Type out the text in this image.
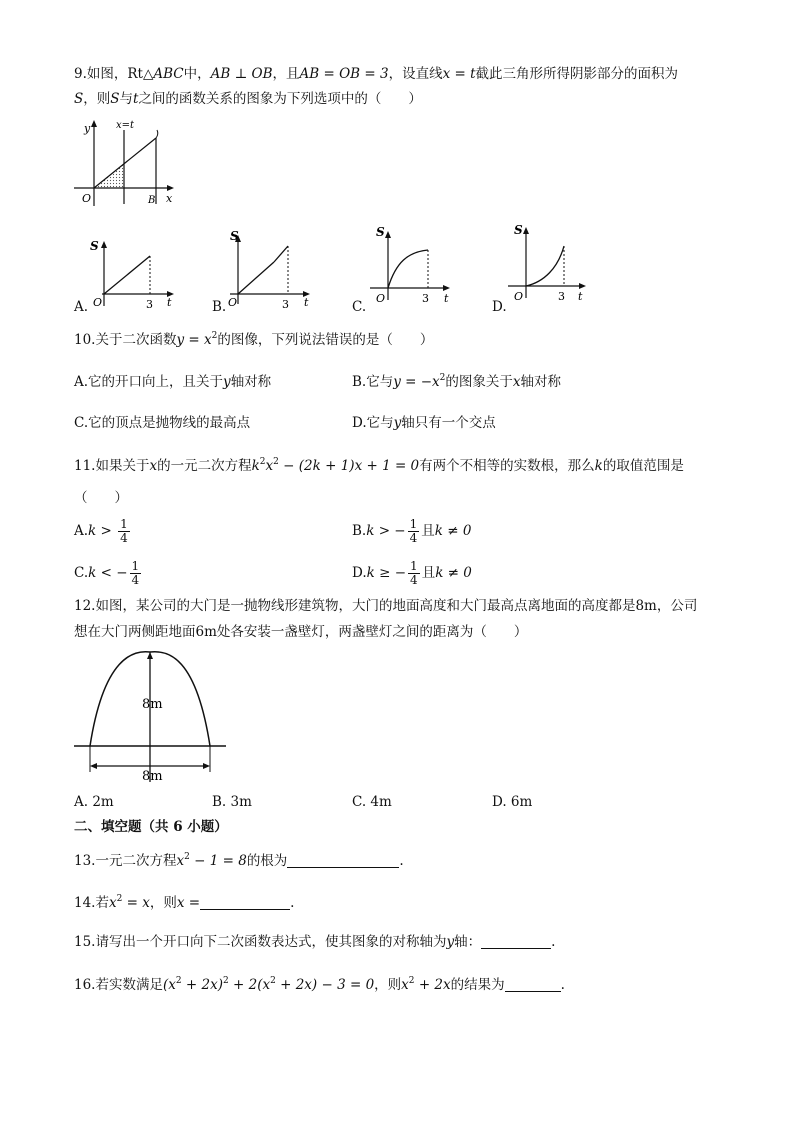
9.如图，Rt△ABC中，AB ⊥ OB，且AB = OB = 3，设直线x = t截此三角形所得阴影部分的面积为
S，则S与t之间的函数关系的图象为下列选项中的（　　）
y	x=t
O	B x
A.
S
O	3 t	B.
S
O	3 t	C.
S
O	3 t
D.
S
O	3 t
10.关于二次函数$y = x^2$的图像，下列说法错误的是（　　）
A.它的开口向上，且关于y轴对称	B.它与$y = -x^2$的图象关于x轴对称
C.它的顶点是抛物线的最高点	D.它与y轴只有一个交点
11.如果关于x的一元二次方程$k^2x^2 - (2k + 1)x + 1 = 0$有两个不相等的实数根，那么k的取值范围是
（　　）
$A.k > \frac{1}{4}$	B.k > − $\frac{1}{4}$ 且k ≠ 0
C.k < − $\frac{1}{4}$	D.k ≥ − $\frac{1}{4}$ 且k ≠ 0
12.如图，某公司的大门是一抛物线形建筑物，大门的地面高度和大门最高点离地面的高度都是8m，公司
想在大门两侧距地面6m处各安装一盏壁灯，两盏壁灯之间的距离为（　　）
8m
8m
A. 2m	B. 3m	C. 4m	D. 6m
二、填空题（共 6 小题）
13.一元二次方程$x^2 - 1 = 8$的根为	.
14.若$x^2 = x$，则x =	.
15.请写出一个开口向下二次函数表达式，使其图象的对称轴为y轴：	.
16.若实数满足$(x^2 + 2x)^2 + 2(x^2 + 2x) - 3 = 0$，则$x^2 + 2x$的结果为	.
